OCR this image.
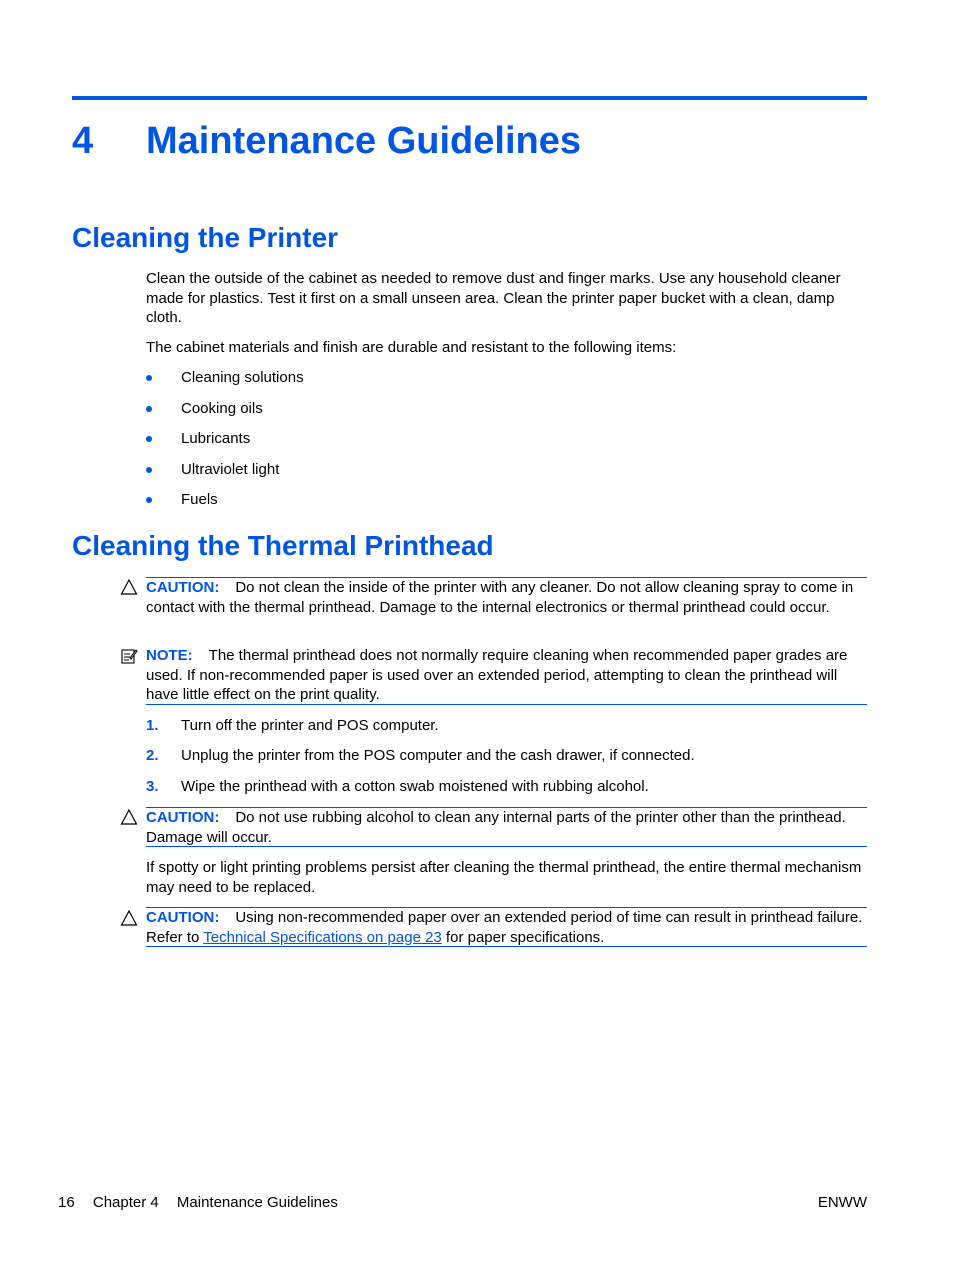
4 Maintenance Guidelines
Cleaning the Printer

Clean the outside of the cabinet as needed to remove dust and finger marks. Use any household cleaner made for plastics. Test it first on a small unseen area. Clean the printer paper bucket with a clean, damp cloth.

The cabinet materials and finish are durable and resistant to the following items:

Cleaning solutions
Cooking oils
Lubricants
Ultraviolet light
Fuels
Cleaning the Thermal Printhead
CAUTION: Do not clean the inside of the printer with any cleaner. Do not allow cleaning spray to come in contact with the thermal printhead. Damage to the internal electronics or thermal printhead could occur.
NOTE: The thermal printhead does not normally require cleaning when recommended paper grades are used. If non-recommended paper is used over an extended period, attempting to clean the printhead will have little effect on the print quality.
1. Turn off the printer and POS computer.
2. Unplug the printer from the POS computer and the cash drawer, if connected.
3. Wipe the printhead with a cotton swab moistened with rubbing alcohol.
CAUTION: Do not use rubbing alcohol to clean any internal parts of the printer other than the printhead. Damage will occur.

If spotty or light printing problems persist after cleaning the thermal printhead, the entire thermal mechanism may need to be replaced.

CAUTION: Using non-recommended paper over an extended period of time can result in printhead failure. Refer to Technical Specifications on page 23 for paper specifications.
16 Chapter 4 Maintenance Guidelines	ENWW
